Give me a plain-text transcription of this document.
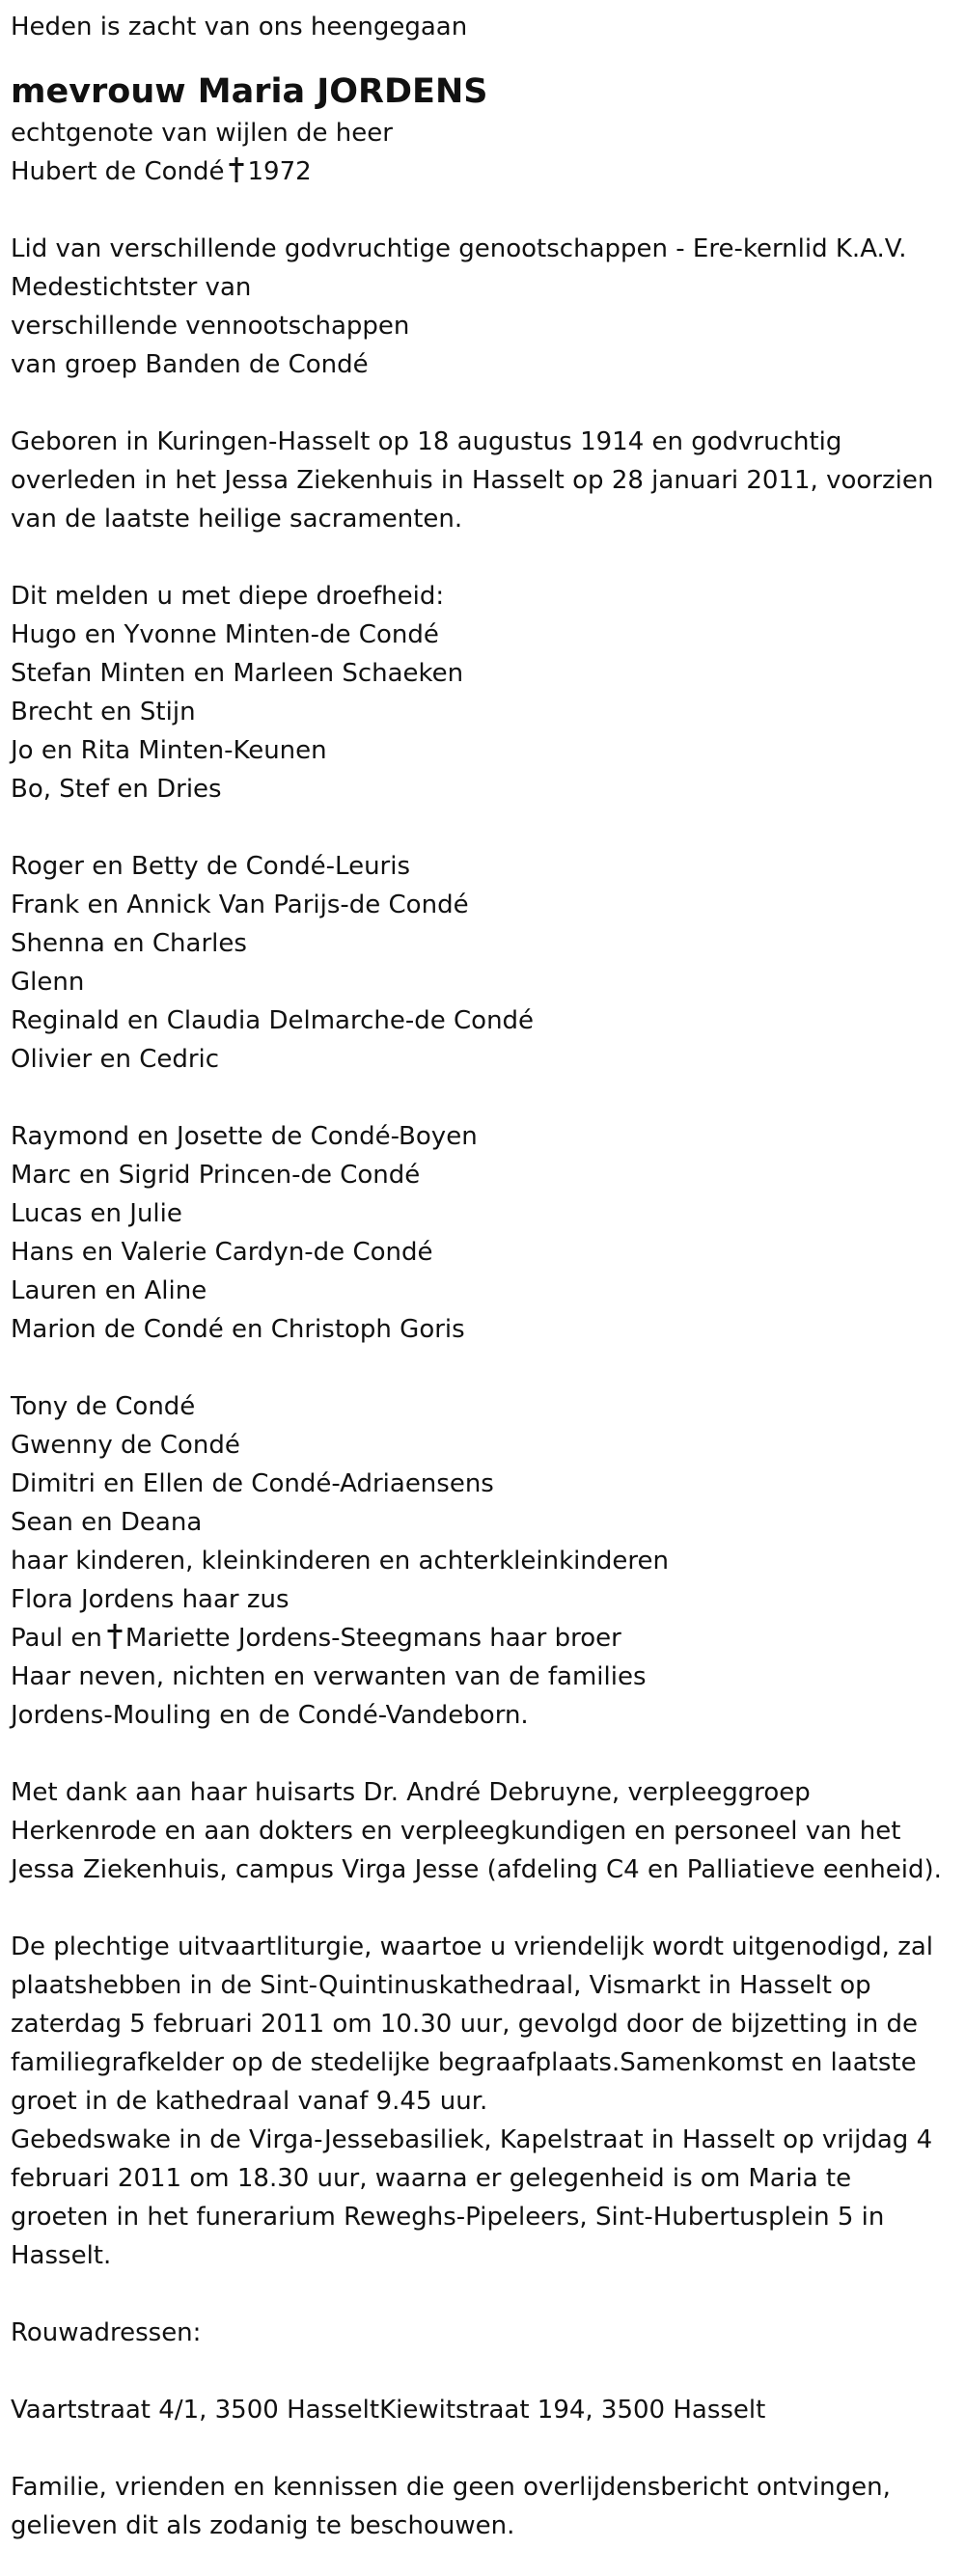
Heden is zacht van ons heengegaan
mevrouw Maria JORDENS
echtgenote van wijlen de heer
Hubert de Condé 1972
Lid van verschillende godvruchtige genootschappen - Ere-kernlid K.A.V.
Medestichtster van
verschillende vennootschappen
van groep Banden de Condé
Geboren in Kuringen-Hasselt op 18 augustus 1914 en godvruchtig
overleden in het Jessa Ziekenhuis in Hasselt op 28 januari 2011, voorzien
van de laatste heilige sacramenten.
Dit melden u met diepe droefheid:
Hugo en Yvonne Minten-de Condé
Stefan Minten en Marleen Schaeken
Brecht en Stijn
Jo en Rita Minten-Keunen
Bo, Stef en Dries
Roger en Betty de Condé-Leuris
Frank en Annick Van Parijs-de Condé
Shenna en Charles
Glenn
Reginald en Claudia Delmarche-de Condé
Olivier en Cedric
Raymond en Josette de Condé-Boyen
Marc en Sigrid Princen-de Condé
Lucas en Julie
Hans en Valerie Cardyn-de Condé
Lauren en Aline
Marion de Condé en Christoph Goris
Tony de Condé
Gwenny de Condé
Dimitri en Ellen de Condé-Adriaensens
Sean en Deana
haar kinderen, kleinkinderen en achterkleinkinderen
Flora Jordens haar zus
Paul en Mariette Jordens-Steegmans haar broer
Haar neven, nichten en verwanten van de families
Jordens-Mouling en de Condé-Vandeborn.
Met dank aan haar huisarts Dr. André Debruyne, verpleeggroep
Herkenrode en aan dokters en verpleegkundigen en personeel van het
Jessa Ziekenhuis, campus Virga Jesse (afdeling C4 en Palliatieve eenheid).
De plechtige uitvaartliturgie, waartoe u vriendelijk wordt uitgenodigd, zal
plaatshebben in de Sint-Quintinuskathedraal, Vismarkt in Hasselt op
zaterdag 5 februari 2011 om 10.30 uur, gevolgd door de bijzetting in de
familiegrafkelder op de stedelijke begraafplaats.Samenkomst en laatste
groet in de kathedraal vanaf 9.45 uur.
Gebedswake in de Virga-Jessebasiliek, Kapelstraat in Hasselt op vrijdag 4
februari 2011 om 18.30 uur, waarna er gelegenheid is om Maria te
groeten in het funerarium Reweghs-Pipeleers, Sint-Hubertusplein 5 in
Hasselt.
Rouwadressen:
Vaartstraat 4/1, 3500 HasseltKiewitstraat 194, 3500 Hasselt
Familie, vrienden en kennissen die geen overlijdensbericht ontvingen,
gelieven dit als zodanig te beschouwen.
